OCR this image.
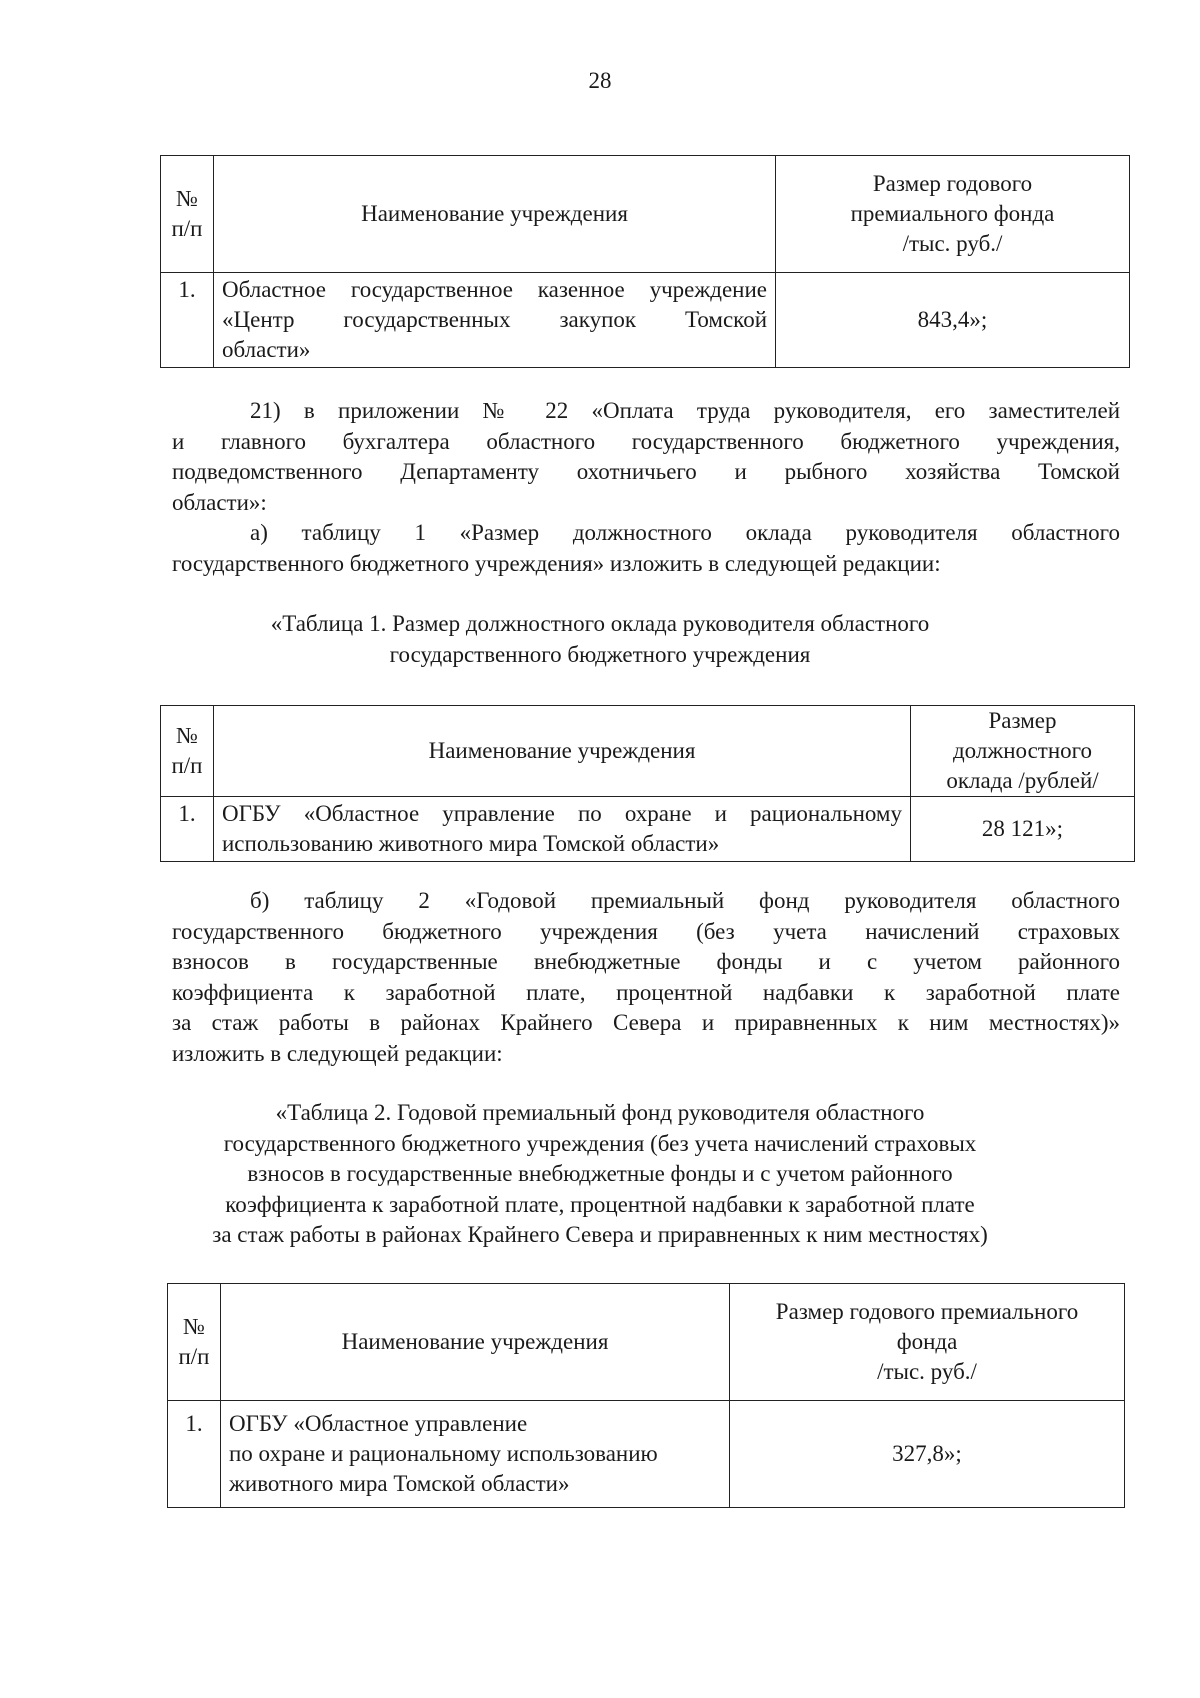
28
№
п/п	Наименование учреждения	Размер годового
премиального фонда
/тыс. руб./

1.	Областное государственное казенное учреждение
«Центр государственных закупок Томской
области»	843,4»;
21) в приложении № 22 «Оплата труда руководителя, его заместителей
и главного бухгалтера областного государственного бюджетного учреждения,
подведомственного Департаменту охотничьего и рыбного хозяйства Томской
области»:
а) таблицу 1 «Размер должностного оклада руководителя областного
государственного бюджетного учреждения» изложить в следующей редакции:
«Таблица 1. Размер должностного оклада руководителя областного
государственного бюджетного учреждения
№
п/п	Наименование учреждения	Размер
должностного
оклада /рублей/

1.	ОГБУ «Областное управление по охране и рациональному
использованию животного мира Томской области»	28 121»;
б) таблицу 2 «Годовой премиальный фонд руководителя областного
государственного бюджетного учреждения (без учета начислений страховых
взносов в государственные внебюджетные фонды и с учетом районного
коэффициента к заработной плате, процентной надбавки к заработной плате
за стаж работы в районах Крайнего Севера и приравненных к ним местностях)»
изложить в следующей редакции:
«Таблица 2. Годовой премиальный фонд руководителя областного
государственного бюджетного учреждения (без учета начислений страховых
взносов в государственные внебюджетные фонды и с учетом районного
коэффициента к заработной плате, процентной надбавки к заработной плате
за стаж работы в районах Крайнего Севера и приравненных к ним местностях)
№
п/п	Наименование учреждения	Размер годового премиального
фонда
/тыс. руб./

1.	ОГБУ «Областное управление
по охране и рациональному использованию
животного мира Томской области»	327,8»;
